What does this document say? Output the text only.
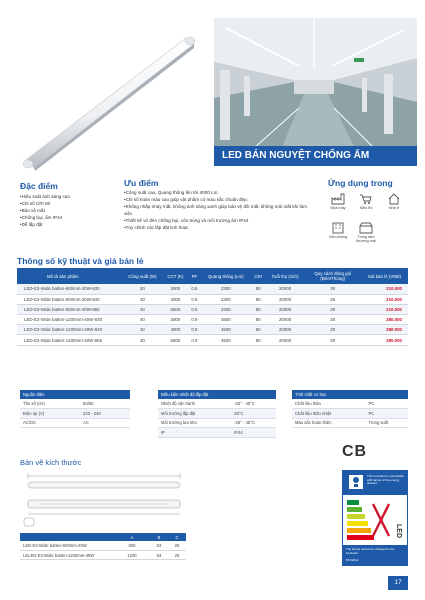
LED BÁN NGUYỆT CHỐNG ẨM
Đặc điểm
• Hiệu suất ánh sáng cao
• Chỉ số CRI 80
• Bảo vệ mắt
• Chống bụi, ẩm IP44
• Dễ lắp đặt
Ưu điểm
• Công suất cao, Quang thông lên tới 4000 Lm.
• Chỉ số hoàn màu cao giúp vật phẩm có màu sắc chuẩn đẹp.
• Không nhấp nháy mắt, không ánh sáng xanh giúp bảo vệ đôi mắt, không mỏi mắt khi làm việc.
• Thiết kế vỏ đèn chống bụi, côn trùng và môi trường ẩm IP44
• Tùy chỉnh các lắp đặt linh hoạt.
Ứng dụng trong
Nhà máy	Siêu thị	Nhà ở
Văn phòng	Trung tâm thương mại
Thông số kỹ thuật và giá bán lẻ
Mô tả sản phẩm	Công suất (W)	CCT (K)	PF	Quang thông (Lm)	CRI	Tuổi thọ (Giờ)	Quy cách đóng gói (Đèn/Thùng)	Giá bán lẻ (VNĐ)
LED-E3-Wide batten-600mm-20W-830	20	3000	0.5	2300	80	20000	30	210.000
LED-E3-Wide batten-600mm-20W-840	20	4000	0.5	2300	80	20000	30	210.000
LED-E3-Wide batten-600mm-20W-865	20	6500	0.5	2300	80	20000	30	210.000
LED-E3-Wide batten-1200mm-40W-830	40	3000	0.9	4500	80	20000	30	280.000
LED-E3-Wide batten-1200mm-40W-840	40	4000	0.9	4500	80	20000	30	280.000
LED-E3-Wide batten-1200mm-40W-865	40	6500	0.9	4500	80	20000	30	280.000
Nguồn điện	
Tần số (Hz)	50/60
Điện áp (V)	220 - 240
AC/DC	AC
Điều kiện nhiệt độ lắp đặt	
Nhiệt độ vận hành	-20° - 40°C
Môi trường lắp đặt	25°C
Môi trường lưu kho	-25° - 45°C
IP	IP44
Tính chất cơ học	
Chất liệu thân	PC
Chất liệu thân nhiệt	PC
Màu sắc hoàn thiện	Trong suốt
Bản vẽ kích thước
	A	B	C
LED-E3-Wide batten-600mm-20W	600	63	28
LELED-E3-Wide batten-1200mm-40W	1200	63	28
CB
This luminaire is compatible with lamps of the energy classes:
LED
The lamps cannot be changed in the luminaire
874/2012
17
